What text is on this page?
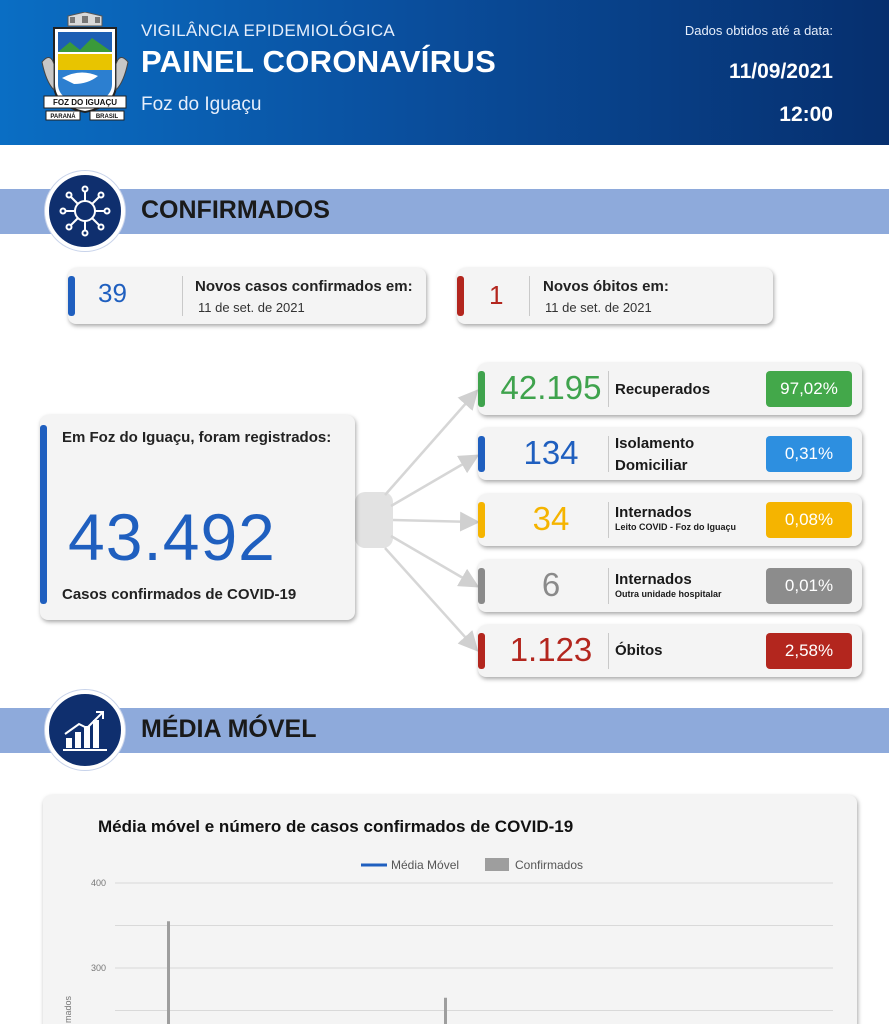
FOZ DO IGUAÇU
PARANÁ	BRASIL
VIGILÂNCIA EPIDEMIOLÓGICA
PAINEL CORONAVÍRUS
Foz do Iguaçu
Dados obtidos até a data:
11/09/2021
12:00
CONFIRMADOS
39	Novos casos confirmados em:
11 de set. de 2021	1	Novos óbitos em:
11 de set. de 2021
Em Foz do Iguaçu, foram registrados:
43.492
Casos confirmados de COVID-19
42.195 Recuperados	97,02%
134	Isolamento
Domiciliar
0,31%
34	Internados
Leito COVID - Foz do Iguaçu	0,08%
6	Internados
Outra unidade hospitalar	0,01%
1.123	Óbitos	2,58%
MÉDIA MÓVEL
Média móvel e número de casos confirmados de COVID-19
Média Móvel	Confirmados
400
300
mados
